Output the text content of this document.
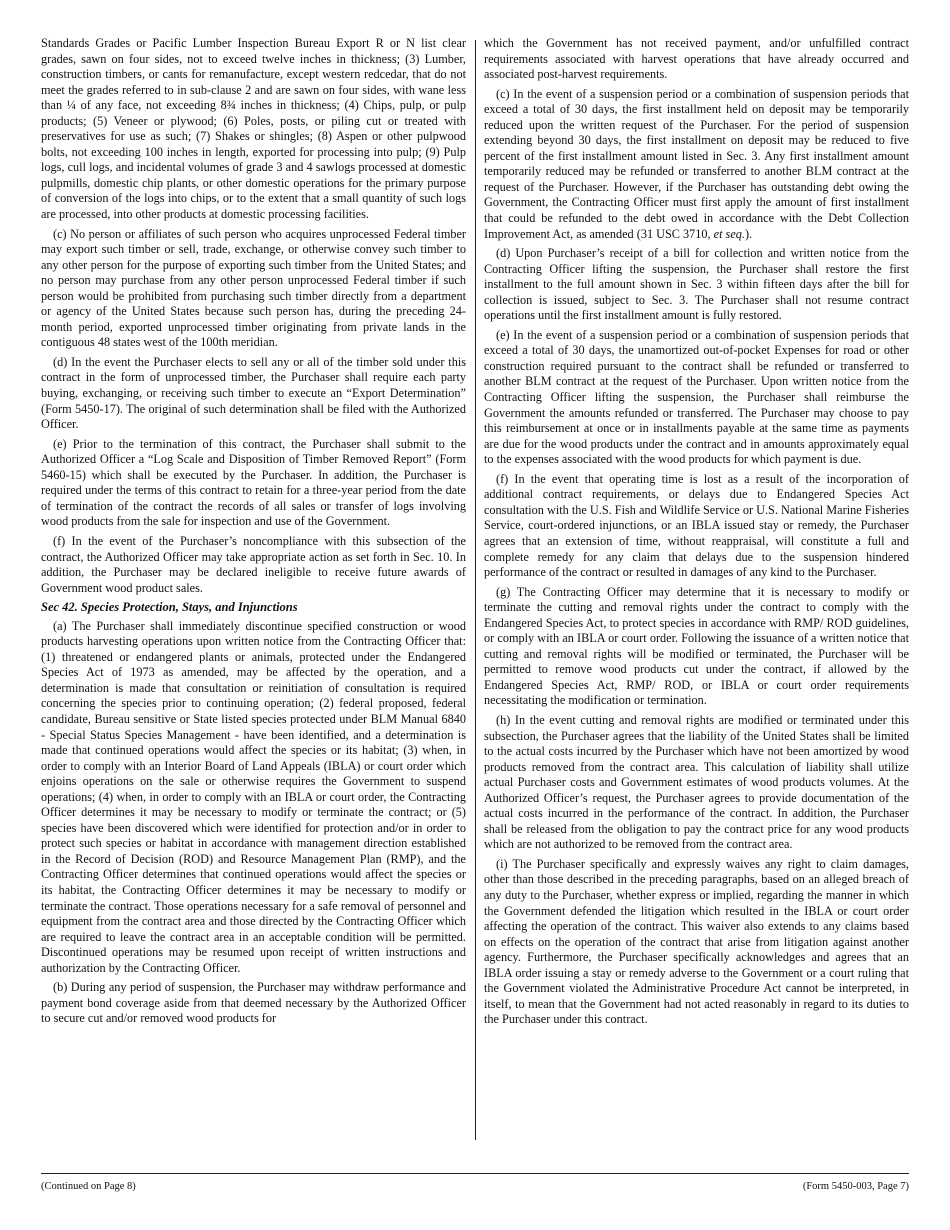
Standards Grades or Pacific Lumber Inspection Bureau Export R or N list clear grades, sawn on four sides, not to exceed twelve inches in thickness; (3) Lumber, construction timbers, or cants for remanufacture, except western redcedar, that do not meet the grades referred to in sub-clause 2 and are sawn on four sides, with wane less than ¼ of any face, not exceeding 8¾ inches in thickness; (4) Chips, pulp, or pulp products; (5) Veneer or plywood; (6) Poles, posts, or piling cut or treated with preservatives for use as such; (7) Shakes or shingles; (8) Aspen or other pulpwood bolts, not exceeding 100 inches in length, exported for processing into pulp; (9) Pulp logs, cull logs, and incidental volumes of grade 3 and 4 sawlogs processed at domestic pulpmills, domestic chip plants, or other domestic operations for the primary purpose of conversion of the logs into chips, or to the extent that a small quantity of such logs are processed, into other products at domestic processing facilities.

(c) No person or affiliates of such person who acquires unprocessed Federal timber may export such timber or sell, trade, exchange, or otherwise convey such timber to any other person for the purpose of exporting such timber from the United States; and no person may purchase from any other person unprocessed Federal timber if such person would be prohibited from purchasing such timber directly from a department or agency of the United States because such person has, during the preceding 24-month period, exported unprocessed timber originating from private lands in the contiguous 48 states west of the 100th meridian.

(d) In the event the Purchaser elects to sell any or all of the timber sold under this contract in the form of unprocessed timber, the Purchaser shall require each party buying, exchanging, or receiving such timber to execute an “Export Determination” (Form 5450-17). The original of such determination shall be filed with the Authorized Officer.

(e) Prior to the termination of this contract, the Purchaser shall submit to the Authorized Officer a “Log Scale and Disposition of Timber Removed Report” (Form 5460-15) which shall be executed by the Purchaser. In addition, the Purchaser is required under the terms of this contract to retain for a three-year period from the date of termination of the contract the records of all sales or transfer of logs involving wood products from the sale for inspection and use of the Government.

(f) In the event of the Purchaser’s noncompliance with this subsection of the contract, the Authorized Officer may take appropriate action as set forth in Sec. 10. In addition, the Purchaser may be declared ineligible to receive future awards of Government wood product sales.

Sec 42. Species Protection, Stays, and Injunctions

(a) The Purchaser shall immediately discontinue specified construction or wood products harvesting operations upon written notice from the Contracting Officer that: (1) threatened or endangered plants or animals, protected under the Endangered Species Act of 1973 as amended, may be affected by the operation, and a determination is made that consultation or reinitiation of consultation is required concerning the species prior to continuing operation; (2) federal proposed, federal candidate, Bureau sensitive or State listed species protected under BLM Manual 6840 - Special Status Species Management - have been identified, and a determination is made that continued operations would affect the species or its habitat; (3) when, in order to comply with an Interior Board of Land Appeals (IBLA) or court order which enjoins operations on the sale or otherwise requires the Government to suspend operations; (4) when, in order to comply with an IBLA or court order, the Contracting Officer determines it may be necessary to modify or terminate the contract; or (5) species have been discovered which were identified for protection and/or in order to protect such species or habitat in accordance with management direction established in the Record of Decision (ROD) and Resource Management Plan (RMP), and the Contracting Officer determines that continued operations would affect the species or its habitat, the Contracting Officer determines it may be necessary to modify or terminate the contract. Those operations necessary for a safe removal of personnel and equipment from the contract area and those directed by the Contracting Officer which are required to leave the contract area in an acceptable condition will be permitted. Discontinued operations may be resumed upon receipt of written instructions and authorization by the Contracting Officer.

(b) During any period of suspension, the Purchaser may withdraw performance and payment bond coverage aside from that deemed necessary by the Authorized Officer to secure cut and/or removed wood products for

which the Government has not received payment, and/or unfulfilled contract requirements associated with harvest operations that have already occurred and associated post-harvest requirements.

(c) In the event of a suspension period or a combination of suspension periods that exceed a total of 30 days, the first installment held on deposit may be temporarily reduced upon the written request of the Purchaser. For the period of suspension extending beyond 30 days, the first installment on deposit may be reduced to five percent of the first installment amount listed in Sec. 3. Any first installment amount temporarily reduced may be refunded or transferred to another BLM contract at the request of the Purchaser. However, if the Purchaser has outstanding debt owing the Government, the Contracting Officer must first apply the amount of first installment that could be refunded to the debt owed in accordance with the Debt Collection Improvement Act, as amended (31 USC 3710, et seq.).

(d) Upon Purchaser’s receipt of a bill for collection and written notice from the Contracting Officer lifting the suspension, the Purchaser shall restore the first installment to the full amount shown in Sec. 3 within fifteen days after the bill for collection is issued, subject to Sec. 3. The Purchaser shall not resume contract operations until the first installment amount is fully restored.

(e) In the event of a suspension period or a combination of suspension periods that exceed a total of 30 days, the unamortized out-of-pocket Expenses for road or other construction required pursuant to the contract shall be refunded or transferred to another BLM contract at the request of the Purchaser. Upon written notice from the Contracting Officer lifting the suspension, the Purchaser shall reimburse the Government the amounts refunded or transferred. The Purchaser may choose to pay this reimbursement at once or in installments payable at the same time as payments are due for the wood products under the contract and in amounts approximately equal to the expenses associated with the wood products for which payment is due.

(f) In the event that operating time is lost as a result of the incorporation of additional contract requirements, or delays due to Endangered Species Act consultation with the U.S. Fish and Wildlife Service or U.S. National Marine Fisheries Service, court-ordered injunctions, or an IBLA issued stay or remedy, the Purchaser agrees that an extension of time, without reappraisal, will constitute a full and complete remedy for any claim that delays due to the suspension hindered performance of the contract or resulted in damages of any kind to the Purchaser.

(g) The Contracting Officer may determine that it is necessary to modify or terminate the cutting and removal rights under the contract to comply with the Endangered Species Act, to protect species in accordance with RMP/ ROD guidelines, or comply with an IBLA or court order. Following the issuance of a written notice that cutting and removal rights will be modified or terminated, the Purchaser will be permitted to remove wood products cut under the contract, if allowed by the Endangered Species Act, RMP/ ROD, or IBLA or court order requirements necessitating the modification or termination.

(h) In the event cutting and removal rights are modified or terminated under this subsection, the Purchaser agrees that the liability of the United States shall be limited to the actual costs incurred by the Purchaser which have not been amortized by wood products removed from the contract area. This calculation of liability shall utilize actual Purchaser costs and Government estimates of wood products volumes. At the Authorized Officer’s request, the Purchaser agrees to provide documentation of the actual costs incurred in the performance of the contract. In addition, the Purchaser shall be released from the obligation to pay the contract price for any wood products which are not authorized to be removed from the contract area.

(i) The Purchaser specifically and expressly waives any right to claim damages, other than those described in the preceding paragraphs, based on an alleged breach of any duty to the Purchaser, whether express or implied, regarding the manner in which the Government defended the litigation which resulted in the IBLA or court order affecting the operation of the contract. This waiver also extends to any claims based on effects on the operation of the contract that arise from litigation against another agency. Furthermore, the Purchaser specifically acknowledges and agrees that an IBLA order issuing a stay or remedy adverse to the Government or a court ruling that the Government violated the Administrative Procedure Act cannot be interpreted, in itself, to mean that the Government had not acted reasonably in regard to its duties to the Purchaser under this contract.

(Continued on Page 8)	(Form 5450-003, Page 7)
